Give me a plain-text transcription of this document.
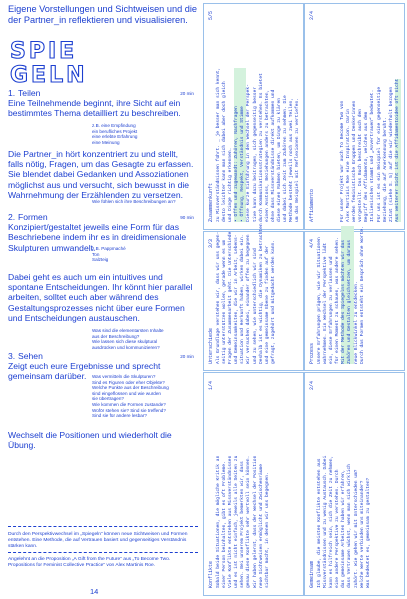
Eigene Vorstellungen und Sichtweisen und die der Partner_in reflektieren und visualisieren.
SPIE
GELN
1. Teilen	20 min
Eine Teilnehmende beginnt, ihre Sicht auf ein bestimmtes Thema detailliert zu beschreiben.
z.B. eine Empfindung
ein berufliches Projekt
eine erlebte Erfahrung
eine Meinung
Die Partner_in hört konzentriert zu und stellt, falls nötig, Fragen, um das Gesagte zu erfassen. Sie blendet dabei Gedanken und Assoziationen möglichst aus und versucht, sich bewusst in die Wahrnehmung der Erzählenden zu versetzen.
Wie fühlen sich ihre Beschreibungen an?
2. Formen	90 min
Konzipiert/gestaltet jeweils eine Form für das Beschriebene indem ihr es in dreidimensionale Skulpturen umwandelt.
z.B. Pappmaché
Ton
Salzteig
Dabei geht es auch um ein intuitives und spontane Entscheidungen. Ihr könnt hier parallel arbeiten, solltet euch aber während des Gestaltungsprozesses nicht über eure Formen und Entscheidungen austauschen.
Was sind die elementarsten Inhalte
aus der Beschreibung?
Wie lassen sich diese skulptural
ausdrücken und kommunizieren?
3. Sehen	20 min
Zeigt euch eure Ergebnisse und sprecht gemeinsam darüber.	Was vermitteln die Skulpturen?
Sind es Figuren oder eher Objekte?
Welche Punkte aus der Beschreibung
sind eingeflossen und wie wurden
sie übertragen?
Wie kommen die Formen zustande?
Woför stehen sie? Sind sie treffend?
Sind sie für andere lesbar?
Wechselt die Positionen und wiederholt die Übung.
Durch den Perspektivwechsel im „Spiegeln“ können neue Sichtweisen und Formen entstehen. Eine Methode, die auf Vertrauen basiert und gegenseitiges Verständnis stärken kann.
Angelehnt an die Proposition „A Gift from the Future“ aus „To Become Two. Propositions for Feminist Collective Practice“ von Alex Martinis Roe.
14
Zusammenkunft
5/5
zu Missverständnissen führt. _ je besser man sich kennt, desto leichter kann man sich dabei aber doch gleich und Dinge richtig erkennen. • Offen und zugewandt: Zuhören, Nachfragen • Öffnung, Respekt, Verständnis und Stimme Diese kurze Einführung in den Wechsel der Perspek- tive kann dazu beitragen, sich gegenseitig besser durch Kommunikationsstrategien zu verstehen. Es bietet einen Anstoss, Beziehungen anders zu betrachten, ohne dass Missverständnisse direkt aufkommen und diese einen Rahmen bieten, um Dinge zu klären und dabei sich Zeit zum Zuhören zu nehmen. Die Methode besteht jeweils noch aus zwei Teilen, um das Beispiel mit Reflexionen zu vertiefen. Affidamento
2/4
Für unser Projekt war auch To Become Two von Alex Martinis Roe eine Inspiration. Darin werden feministische Gruppen und Denkerinnen vorgestellt. Das Buch beschreibt auch den Begriff des Affidamento, welches aus dem Italienischen stammt und „Anvertrauen“ bedeutet. Für uns ist es ein Beispiel für eine gegenseitige Beziehung, die auf Anerkennung beruht. Zitat (siehe S. 5) auf die wir wiederholt bezogen Aus weiterer Sicht ist die Affidamentoidee oft nicht
Unterschiede
3/3 Als Grundlage verstehen wir, dass wir uns gegen- seitig unterstützen wollen, gerade wenn es um Fragen der Zusammenarbeit geht. Die Unterschiede und Gemeinsamkeiten, die wir in Arbeit, Lebens- situation und Herkunft haben, wirken dabei ein. Wir versuchen dabei, einander offen zu begegnen und zu sehen, wie unterschiedlich wir sind Deshalb ist es wichtig, die Dynamiken zu betrachten und eine gemeinsame Ebene zu finden auf der gefragt, zugehört und mitgedacht werden kann.	Prozess
4/4 Unsere Erfahrungen prägen, wie wir Situationen wahrnehmen. Ein Wechsel der Perspektive lädt ein, diese Erfahrungen zu verlassen und für einen Moment zu schauen, was andere sehen. Mit der Methode des Spiegelns möchten wir das Zuhören und Gestalten gleichsetzen, um daraus neue Blickwinkel zu entdecken. Durch das Formen entsteht ein Gespräch ohne Worte.
Konflikte
1/4
Sobald beide Situationen, die mögliche Kritik an einer Person beinhalten, gibt es oft Probleme. Viele Konflikte entstehen aus Missverständnissen und es ist nicht einfach, jeweils alle Seiten zu sehen. Bei unserem Projekt bemerkten wir, dass genau diese Konflikte sehr wertvoll sein können. Wir haben gelernt, dass der Wechsel der Position neue Sichtweisen ermöglicht und Zwischenräume sichtbar macht, in denen wir uns begegnen.	Gemeinsam
2/4
Ich glaube, die meisten Konflikte entstehen aus Missverständnissen und zu wenig Austausch. Dabei kann es hilfreich sein, sich die Zeit zu nehmen, eine andere Perspektive zu verstehen. Durch das gemeinsame Arbeiten haben wir erfahren, dass Vertrauen wächst, wenn man sich wirklich zuhört. Wie gehen wir mit Unterschieden um? Welche Werte verbinden uns miteinander? Was bedeutet es, gemeinsam zu gestalten?
